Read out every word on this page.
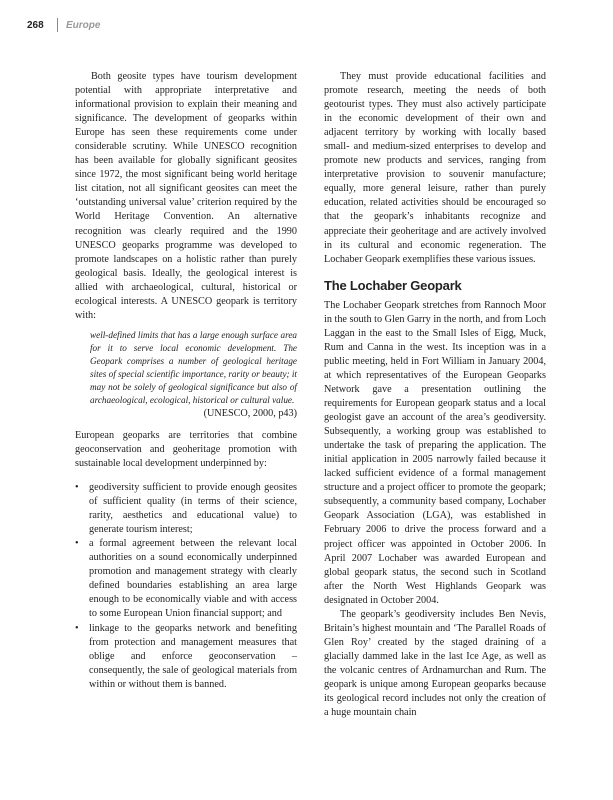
268 Europe

Both geosite types have tourism development potential with appropriate interpretative and informational provision to explain their meaning and significance. The development of geoparks within Europe has seen these requirements come under considerable scrutiny. While UNESCO recognition has been available for globally significant geosites since 1972, the most significant being world heritage list citation, not all significant geosites can meet the ‘outstanding universal value’ criterion required by the World Heritage Convention. An alternative recognition was clearly required and the 1990 UNESCO geoparks programme was developed to promote landscapes on a holistic rather than purely geological basis. Ideally, the geological interest is allied with archaeological, cultural, historical or ecological interests. A UNESCO geopark is territory with:

well-defined limits that has a large enough surface area for it to serve local economic development. The Geopark comprises a number of geological heritage sites of special scientific importance, rarity or beauty; it may not be solely of geological significance but also of archaeological, ecological, historical or cultural value.

(UNESCO, 2000, p43)

European geoparks are territories that combine geoconservation and geoheritage promotion with sustainable local development underpinned by:

• geodiversity sufficient to provide enough geosites of sufficient quality (in terms of their science, rarity, aesthetics and educational value) to generate tourism interest;
• a formal agreement between the relevant local authorities on a sound economically underpinned promotion and management strategy with clearly defined boundaries establishing an area large enough to be economically viable and with access to some European Union financial support; and
• linkage to the geoparks network and benefiting from protection and management measures that oblige and enforce geoconservation – consequently, the sale of geological materials from within or without them is banned.

They must provide educational facilities and promote research, meeting the needs of both geotourist types. They must also actively participate in the economic development of their own and adjacent territory by working with locally based small- and medium-sized enterprises to develop and promote new products and services, ranging from interpretative provision to souvenir manufacture; equally, more general leisure, rather than purely education, related activities should be encouraged so that the geopark’s inhabitants recognize and appreciate their geoheritage and are actively involved in its cultural and economic regeneration. The Lochaber Geopark exemplifies these various issues.

The Lochaber Geopark

The Lochaber Geopark stretches from Rannoch Moor in the south to Glen Garry in the north, and from Loch Laggan in the east to the Small Isles of Eigg, Muck, Rum and Canna in the west. Its inception was in a public meeting, held in Fort William in January 2004, at which representatives of the European Geoparks Network gave a presentation outlining the requirements for European geopark status and a local geologist gave an account of the area’s geodiversity. Subsequently, a working group was established to undertake the task of preparing the application. The initial application in 2005 narrowly failed because it lacked sufficient evidence of a formal management structure and a project officer to promote the geopark; subsequently, a community based company, Lochaber Geopark Association (LGA), was established in February 2006 to drive the process forward and a project officer was appointed in October 2006. In April 2007 Lochaber was awarded European and global geopark status, the second such in Scotland after the North West Highlands Geopark was designated in October 2004.

The geopark’s geodiversity includes Ben Nevis, Britain’s highest mountain and ‘The Parallel Roads of Glen Roy’ created by the staged draining of a glacially dammed lake in the last Ice Age, as well as the volcanic centres of Ardnamurchan and Rum. The geopark is unique among European geoparks because its geological record includes not only the creation of a huge mountain chain
